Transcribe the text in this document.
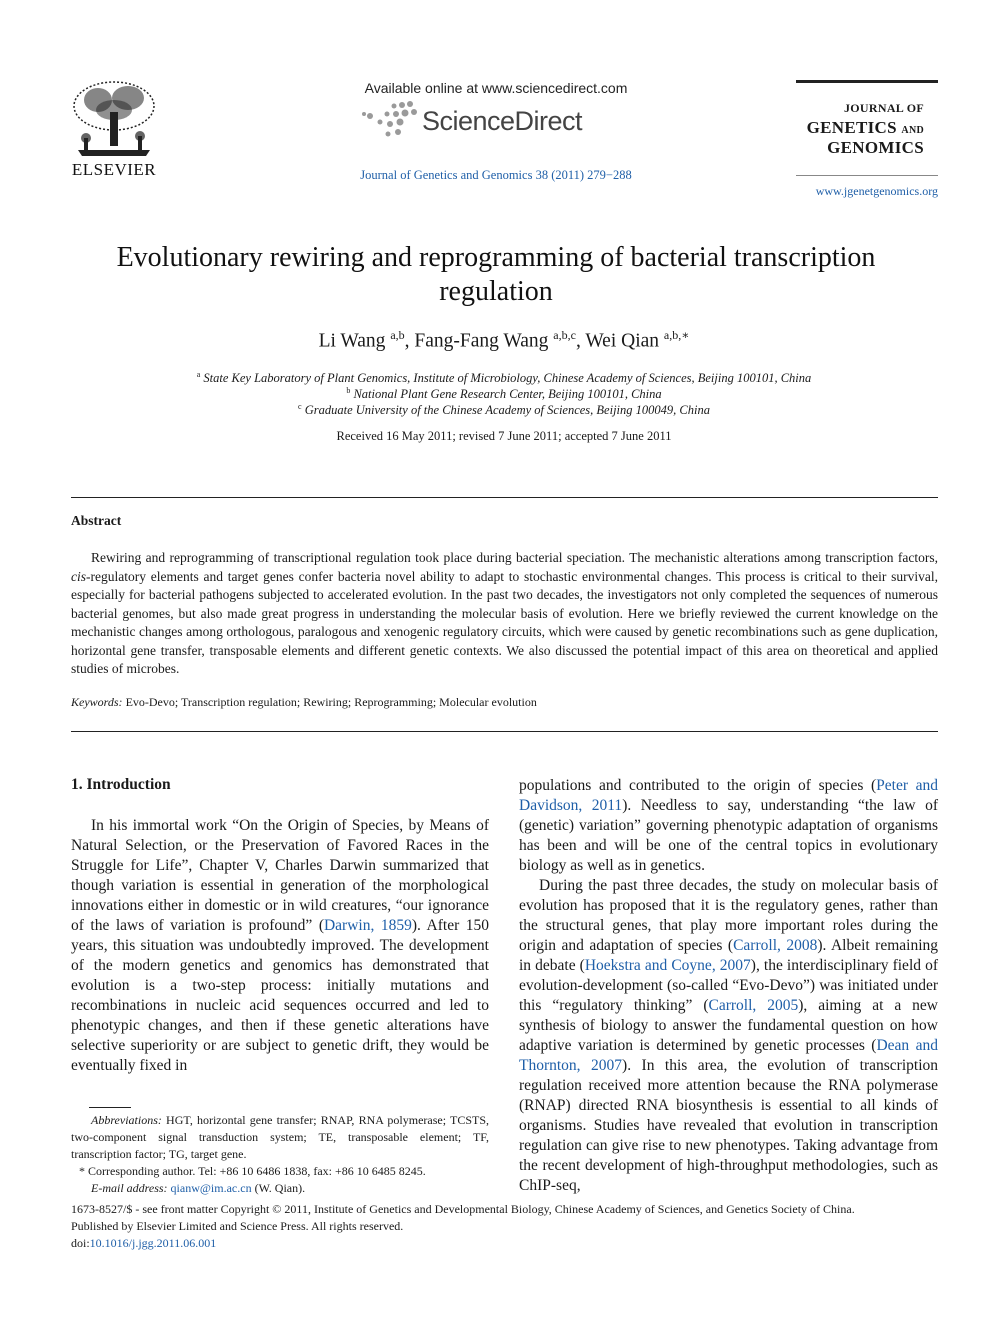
ELSEVIER
Available online at www.sciencedirect.com
ScienceDirect
Journal of Genetics and Genomics 38 (2011) 279−288
JOURNAL OF
GENETICS AND
GENOMICS
www.jgenetgenomics.org
Evolutionary rewiring and reprogramming of bacterial transcription regulation
Li Wang $^{a,b}$, Fang-Fang Wang $^{a,b,c}$, Wei Qian $^{a,b,∗}$
$^a$ State Key Laboratory of Plant Genomics, Institute of Microbiology, Chinese Academy of Sciences, Beijing 100101, China
$^b$ National Plant Gene Research Center, Beijing 100101, China
$^c$ Graduate University of the Chinese Academy of Sciences, Beijing 100049, China
Received 16 May 2011; revised 7 June 2011; accepted 7 June 2011
Abstract
Rewiring and reprogramming of transcriptional regulation took place during bacterial speciation. The mechanistic alterations among transcription factors, cis-regulatory elements and target genes confer bacteria novel ability to adapt to stochastic environmental changes. This process is critical to their survival, especially for bacterial pathogens subjected to accelerated evolution. In the past two decades, the investigators not only completed the sequences of numerous bacterial genomes, but also made great progress in understanding the molecular basis of evolution. Here we briefly reviewed the current knowledge on the mechanistic changes among orthologous, paralogous and xenogenic regulatory circuits, which were caused by genetic recombinations such as gene duplication, horizontal gene transfer, transposable elements and different genetic contexts. We also discussed the potential impact of this area on theoretical and applied studies of microbes.
Keywords: Evo-Devo; Transcription regulation; Rewiring; Reprogramming; Molecular evolution
1. Introduction

In his immortal work “On the Origin of Species, by Means of Natural Selection, or the Preservation of Favored Races in the Struggle for Life”, Chapter V, Charles Darwin summarized that though variation is essential in generation of the morphological innovations either in domestic or in wild creatures, “our ignorance of the laws of variation is profound” (Darwin, 1859). After 150 years, this situation was undoubtedly improved. The development of the modern genetics and genomics has demonstrated that evolution is a two-step process: initially mutations and recombinations in nucleic acid sequences occurred and led to phenotypic changes, and then if these genetic alterations have selective superiority or are subject to genetic drift, they would be eventually fixed in

populations and contributed to the origin of species (Peter and Davidson, 2011). Needless to say, understanding “the law of (genetic) variation” governing phenotypic adaptation of organisms has been and will be one of the central topics in evolutionary biology as well as in genetics.

During the past three decades, the study on molecular basis of evolution has proposed that it is the regulatory genes, rather than the structural genes, that play more important roles during the origin and adaptation of species (Carroll, 2008). Albeit remaining in debate (Hoekstra and Coyne, 2007), the interdisciplinary field of evolution-development (so-called “Evo-Devo”) was initiated under this “regulatory thinking” (Carroll, 2005), aiming at a new synthesis of biology to answer the fundamental question on how adaptive variation is determined by genetic processes (Dean and Thornton, 2007). In this area, the evolution of transcription regulation received more attention because the RNA polymerase (RNAP) directed RNA biosynthesis is essential to all kinds of organisms. Studies have revealed that evolution in transcription regulation can give rise to new phenotypes. Taking advantage from the recent development of high-throughput methodologies, such as ChIP-seq,

Abbreviations: HGT, horizontal gene transfer; RNAP, RNA polymerase; TCSTS, two-component signal transduction system; TE, transposable element; TF, transcription factor; TG, target gene.
* Corresponding author. Tel: +86 10 6486 1838, fax: +86 10 6485 8245.
E-mail address: qianw@im.ac.cn (W. Qian).
1673-8527/$ - see front matter Copyright © 2011, Institute of Genetics and Developmental Biology, Chinese Academy of Sciences, and Genetics Society of China.
Published by Elsevier Limited and Science Press. All rights reserved.
doi:10.1016/j.jgg.2011.06.001
